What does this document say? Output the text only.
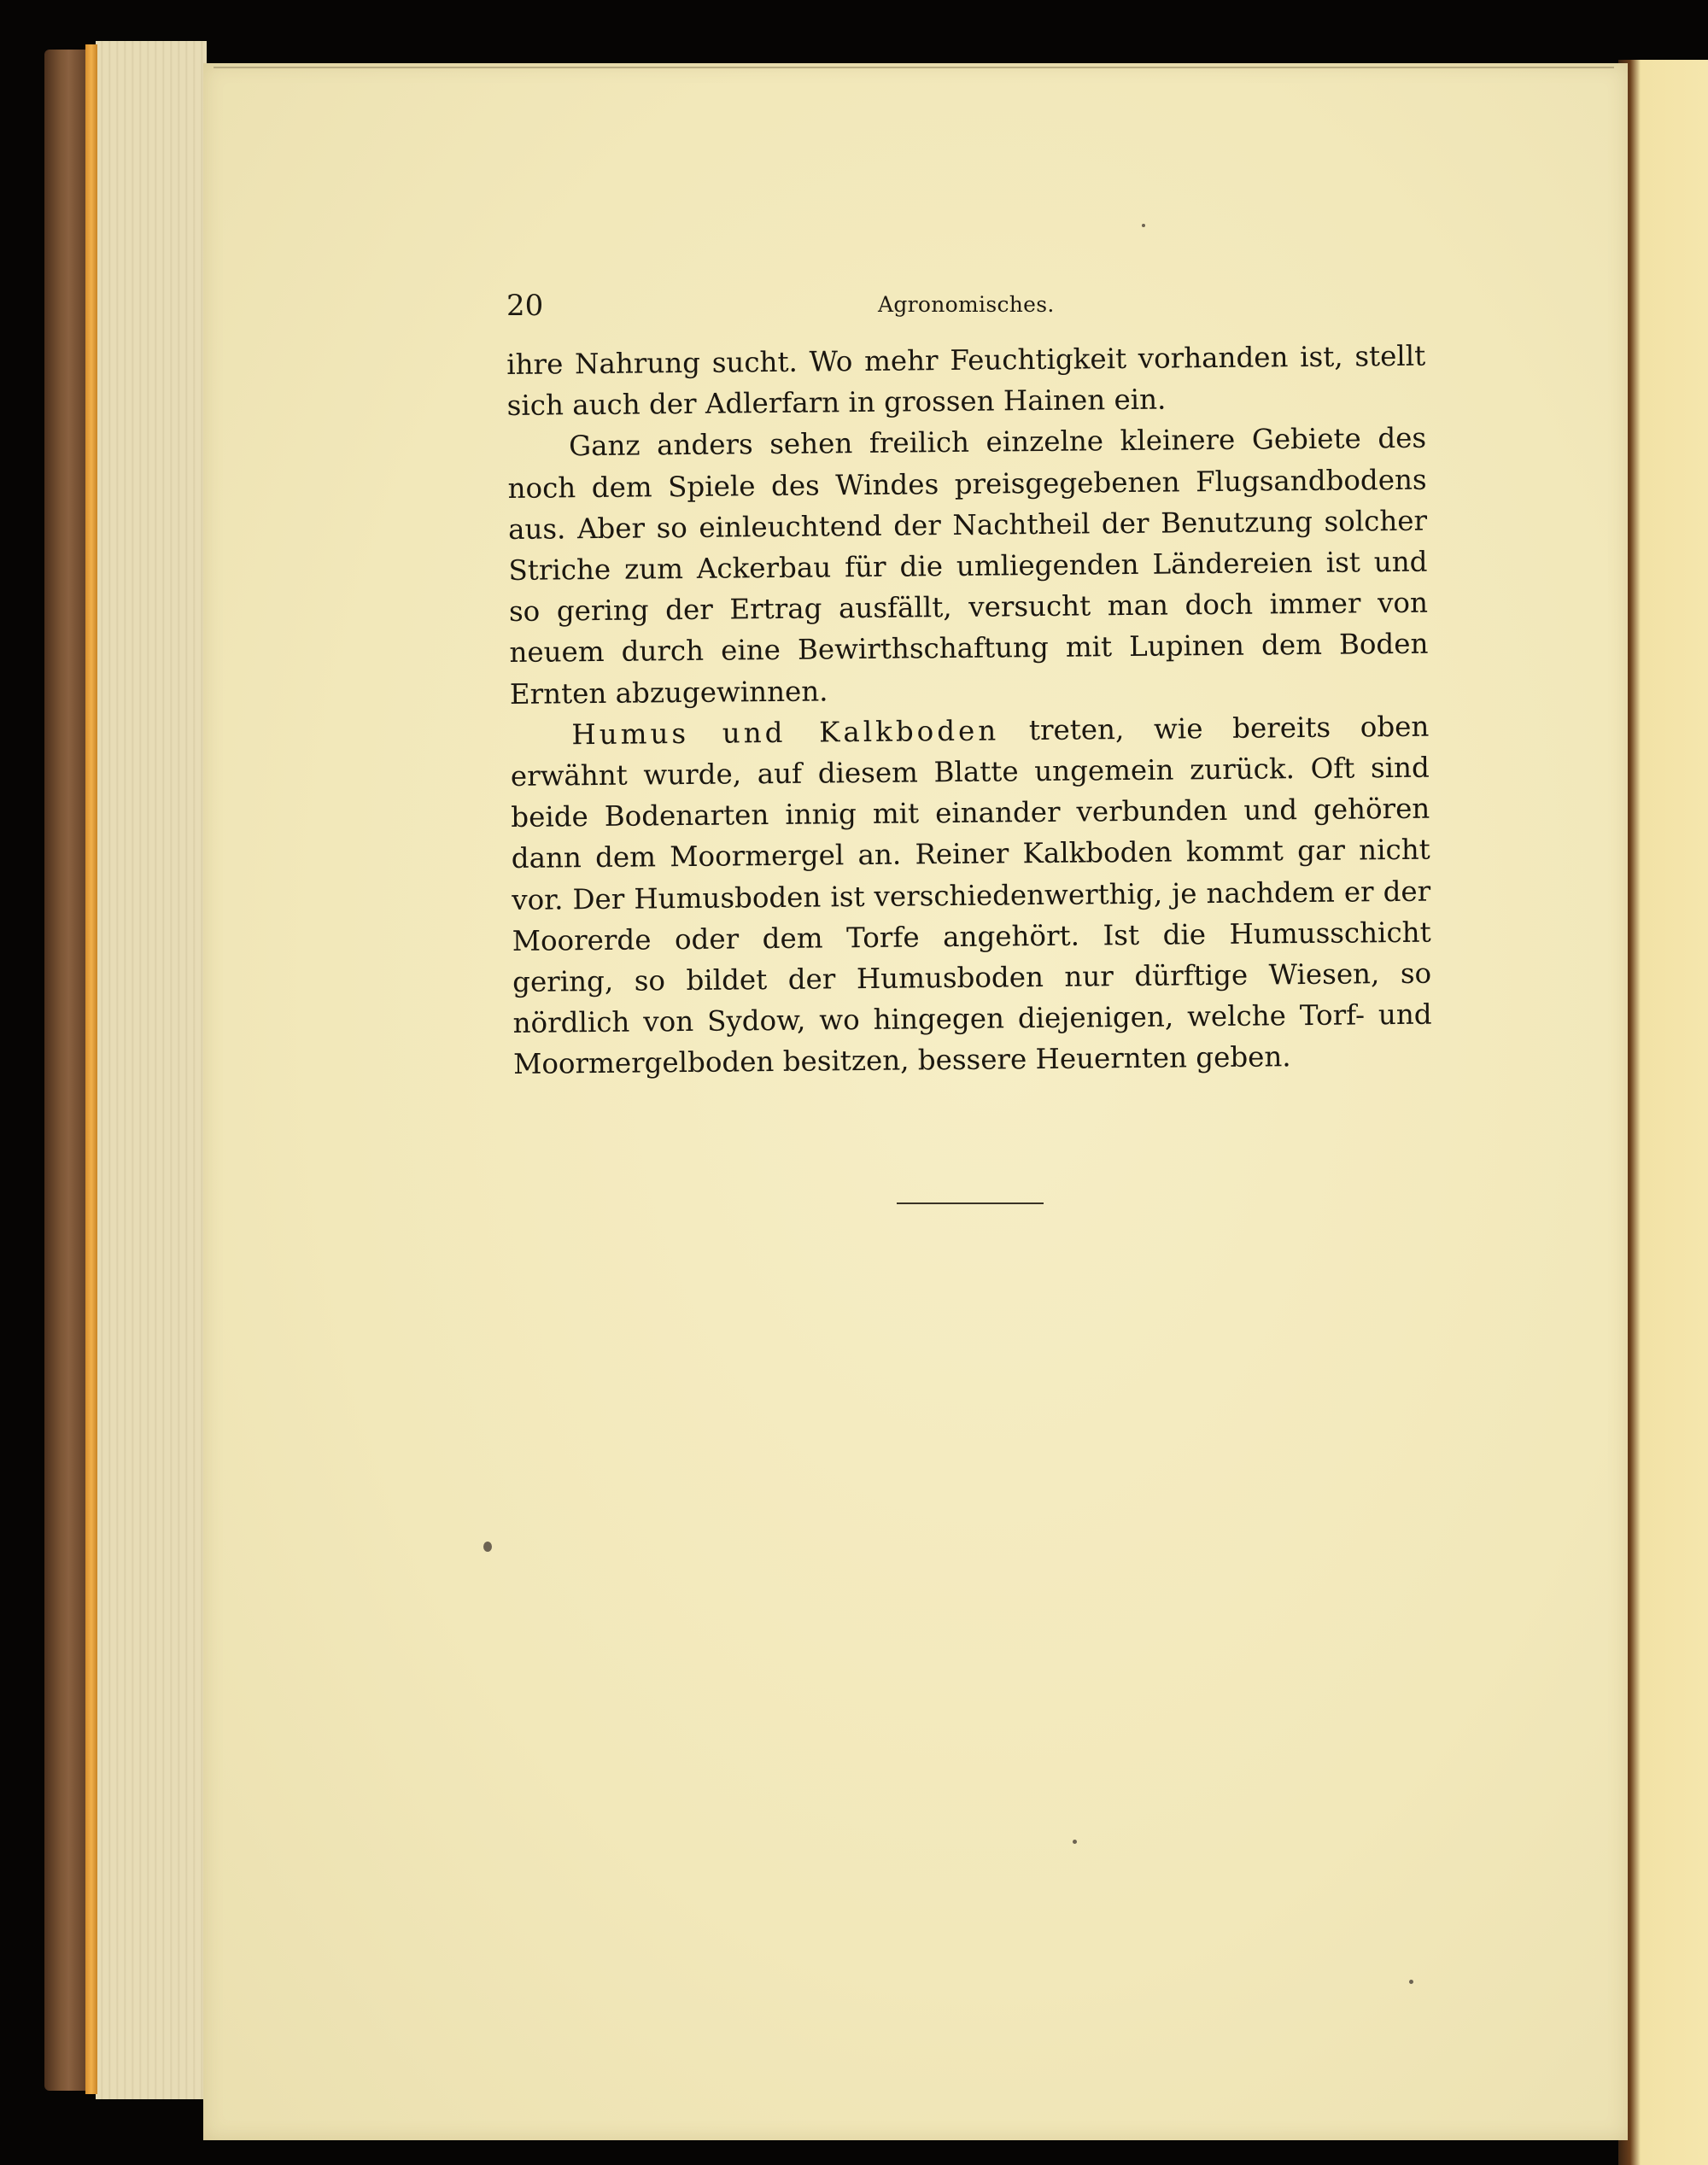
20	Agronomisches.

ihre Nahrung sucht. Wo mehr Feuchtigkeit vorhanden ist, stellt sich auch der Adlerfarn in grossen Hainen ein.

Ganz anders sehen freilich einzelne kleinere Gebiete des noch dem Spiele des Windes preisgegebenen Flugsandbodens aus. Aber so einleuchtend der Nachtheil der Benutzung solcher Striche zum Ackerbau für die umliegenden Ländereien ist und so gering der Ertrag ausfällt, versucht man doch immer von neuem durch eine Bewirthschaftung mit Lupinen dem Boden Ernten abzugewinnen.

Humus und Kalkboden treten, wie bereits oben erwähnt wurde, auf diesem Blatte ungemein zurück. Oft sind beide Bodenarten innig mit einander verbunden und gehören dann dem Moormergel an. Reiner Kalkboden kommt gar nicht vor. Der Humusboden ist verschiedenwerthig, je nachdem er der Moorerde oder dem Torfe angehört. Ist die Humusschicht gering, so bildet der Humusboden nur dürftige Wiesen, so nördlich von Sydow, wo hingegen diejenigen, welche Torf- und Moormergelboden besitzen, bessere Heuernten geben.
